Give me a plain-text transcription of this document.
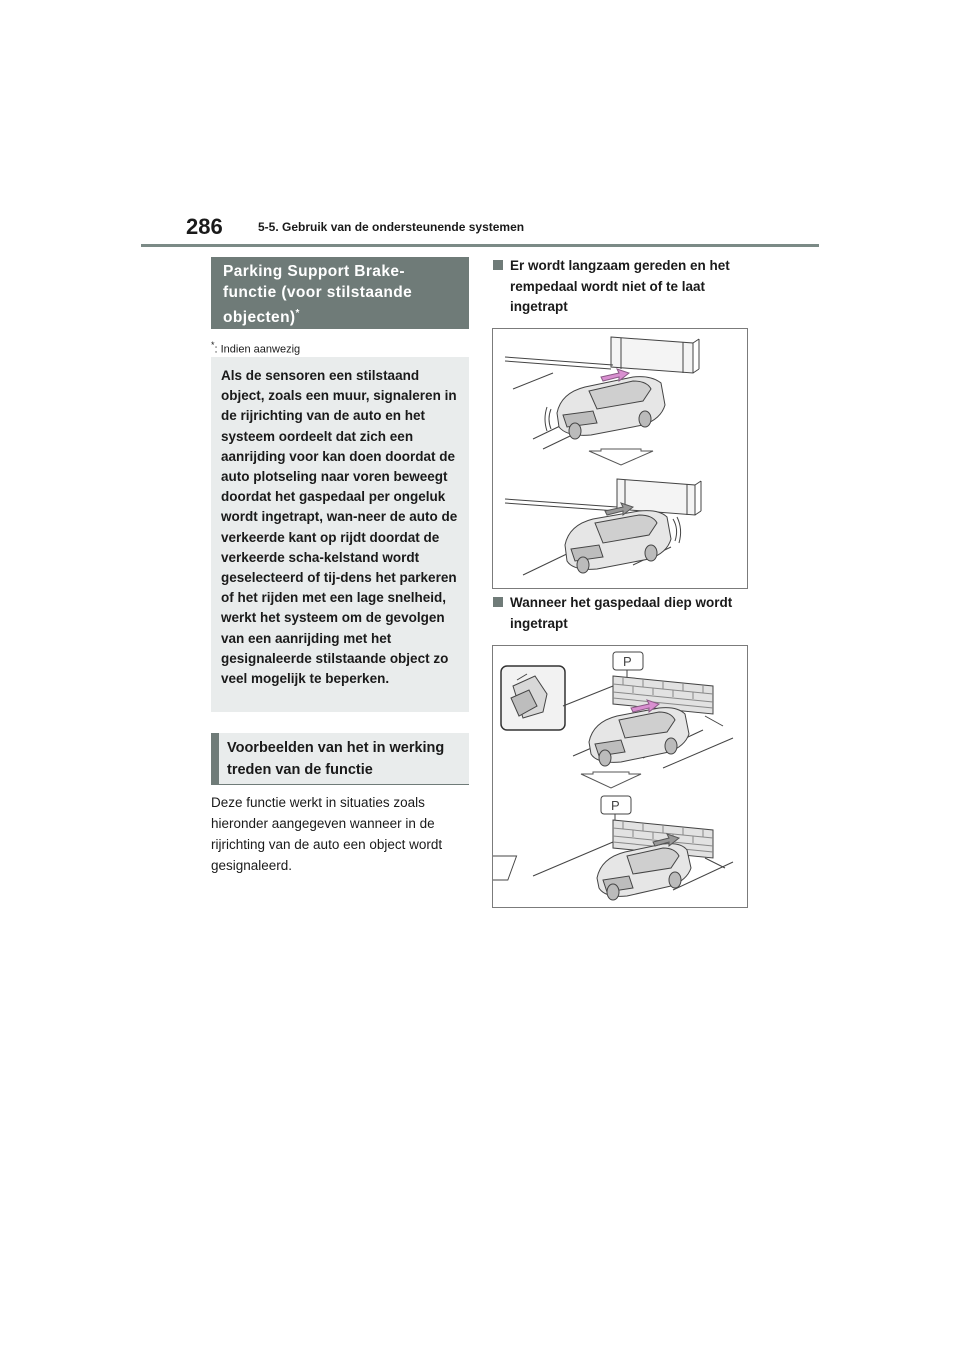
286	5-5. Gebruik van de ondersteunende systemen
Parking Support Brake-functie (voor stilstaande objecten)*
*: Indien aanwezig
Als de sensoren een stilstaand object, zoals een muur, signaleren in de rijrichting van de auto en het systeem oordeelt dat zich een aanrijding voor kan doen doordat de auto plotseling naar voren beweegt doordat het gaspedaal per ongeluk wordt ingetrapt, wan-neer de auto de verkeerde kant op rijdt doordat de verkeerde scha-kelstand wordt geselecteerd of tij-dens het parkeren of het rijden met een lage snelheid, werkt het systeem om de gevolgen van een aanrijding met het gesignaleerde stilstaande object zo veel mogelijk te beperken.
Voorbeelden van het in werking treden van de functie
Deze functie werkt in situaties zoals hieronder aangegeven wanneer in de rijrichting van de auto een object wordt gesignaleerd.
Er wordt langzaam gereden en het rempedaal wordt niet of te laat ingetrapt
Wanneer het gaspedaal diep wordt ingetrapt
P
P
